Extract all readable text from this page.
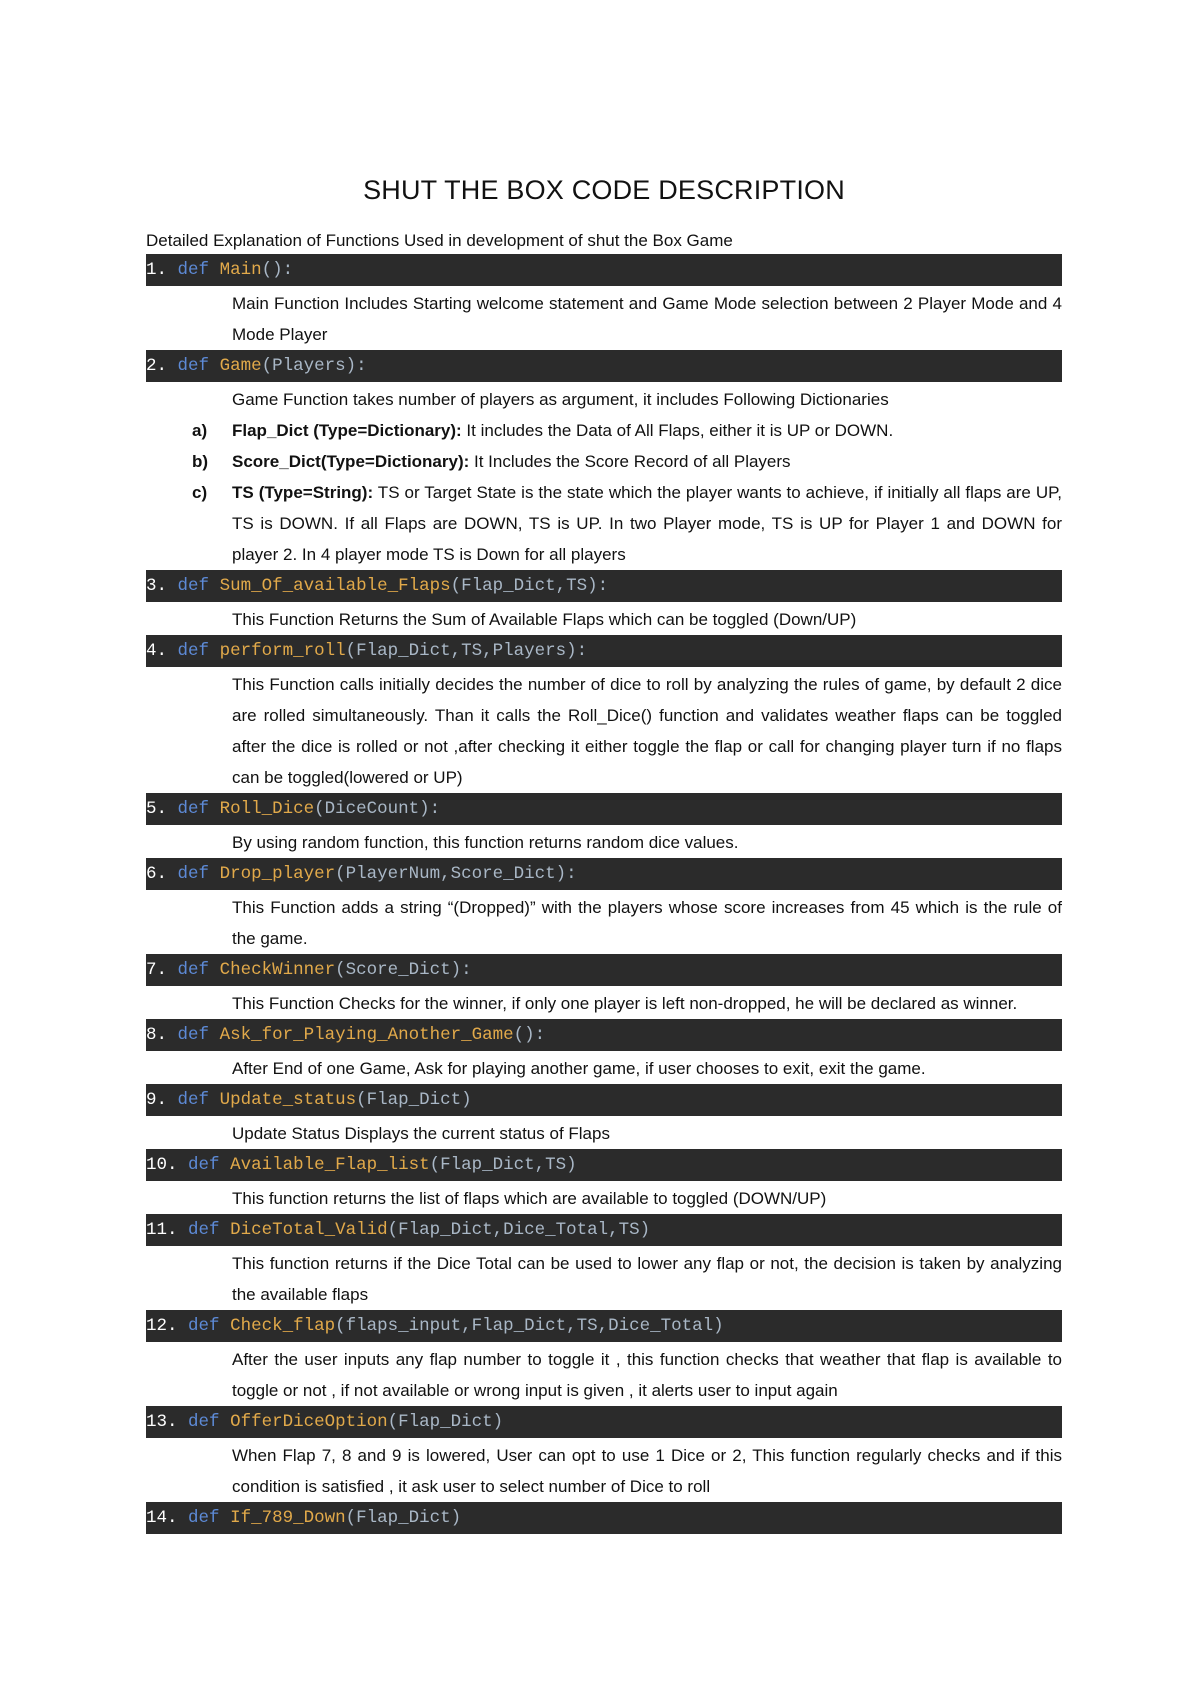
SHUT THE BOX CODE DESCRIPTION
Detailed Explanation of Functions Used in development of shut the Box Game
1. def Main():
Main Function Includes Starting welcome statement and Game Mode selection between 2 Player Mode and 4 Mode Player
2. def Game(Players):
Game Function takes number of players as argument, it includes Following Dictionaries
a)	Flap_Dict (Type=Dictionary): It includes the Data of All Flaps, either it is UP or DOWN.
b)	Score_Dict(Type=Dictionary): It Includes the Score Record of all Players
c)	TS (Type=String): TS or Target State is the state which the player wants to achieve, if initially all flaps are UP, TS is DOWN. If all Flaps are DOWN, TS is UP. In two Player mode, TS is UP for Player 1 and DOWN for player 2. In 4 player mode TS is Down for all players
3. def Sum_Of_available_Flaps(Flap_Dict,TS):
This Function Returns the Sum of Available Flaps which can be toggled (Down/UP)
4. def perform_roll(Flap_Dict,TS,Players):
This Function calls initially decides the number of dice to roll by analyzing the rules of game, by default 2 dice are rolled simultaneously. Than it calls the Roll_Dice() function and validates weather flaps can be toggled after the dice is rolled or not ,after checking it either toggle the flap or call for changing player turn if no flaps can be toggled(lowered or UP)
5. def Roll_Dice(DiceCount):
By using random function, this function returns random dice values.
6. def Drop_player(PlayerNum,Score_Dict):
This Function adds a string “(Dropped)” with the players whose score increases from 45 which is the rule of the game.
7. def CheckWinner(Score_Dict):
This Function Checks for the winner, if only one player is left non-dropped, he will be declared as winner.
8. def Ask_for_Playing_Another_Game():
After End of one Game, Ask for playing another game, if user chooses to exit, exit the game.
9. def Update_status(Flap_Dict)
Update Status Displays the current status of Flaps
10. def Available_Flap_list(Flap_Dict,TS)
This function returns the list of flaps which are available to toggled (DOWN/UP)
11. def DiceTotal_Valid(Flap_Dict,Dice_Total,TS)
This function returns if the Dice Total can be used to lower any flap or not, the decision is taken by analyzing the available flaps
12. def Check_flap(flaps_input,Flap_Dict,TS,Dice_Total)
After the user inputs any flap number to toggle it , this function checks that weather that flap is available to toggle or not , if not available or wrong input is given , it alerts user to input again
13. def OfferDiceOption(Flap_Dict)
When Flap 7, 8 and 9 is lowered, User can opt to use 1 Dice or 2, This function regularly checks and if this condition is satisfied , it ask user to select number of Dice to roll
14. def If_789_Down(Flap_Dict)
